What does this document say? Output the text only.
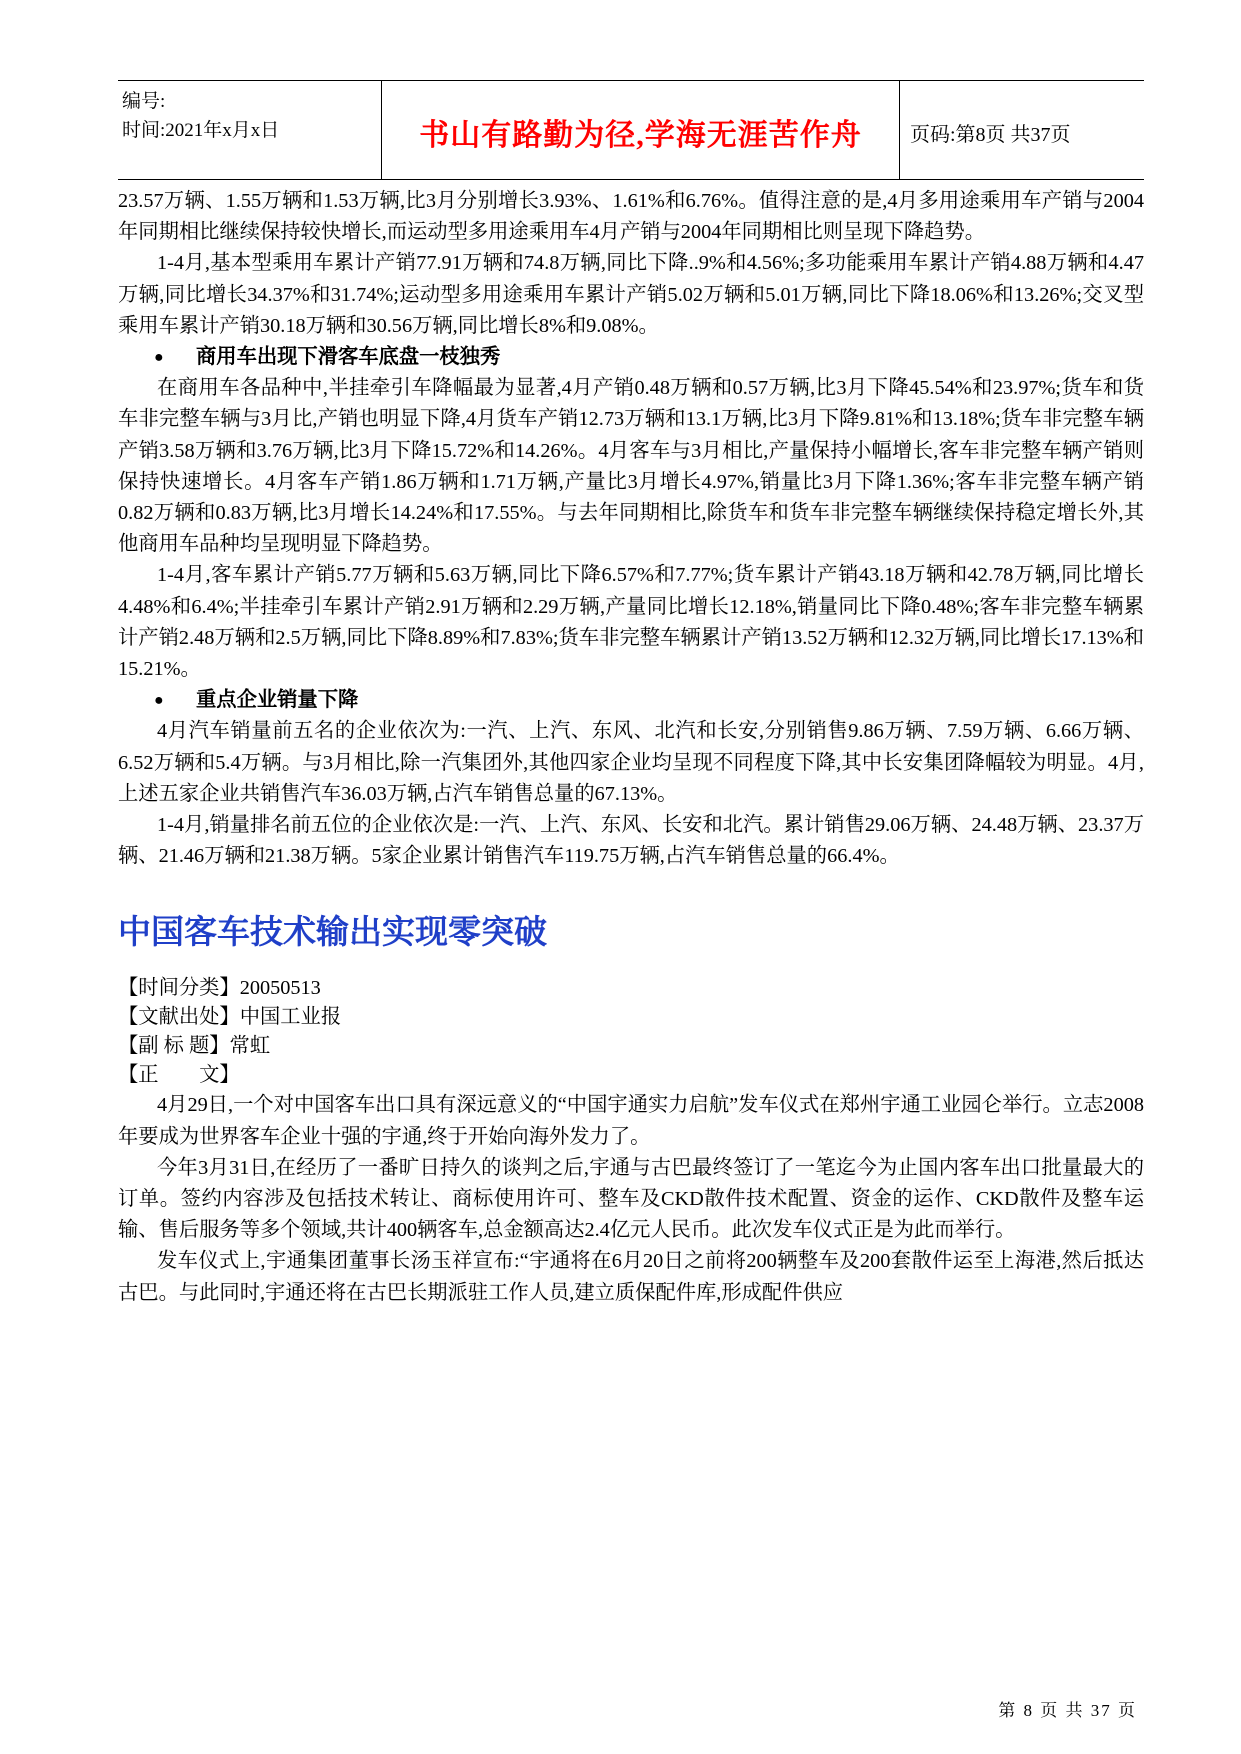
编号:
时间:2021年x月x日	书山有路勤为径,学海无涯苦作舟	页码:第8页 共37页

23.57万辆、1.55万辆和1.53万辆,比3月分别增长3.93%、1.61%和6.76%。值得注意的是,4月多用途乘用车产销与2004年同期相比继续保持较快增长,而运动型多用途乘用车4月产销与2004年同期相比则呈现下降趋势。

1-4月,基本型乘用车累计产销77.91万辆和74.8万辆,同比下降..9%和4.56%;多功能乘用车累计产销4.88万辆和4.47万辆,同比增长34.37%和31.74%;运动型多用途乘用车累计产销5.02万辆和5.01万辆,同比下降18.06%和13.26%;交叉型乘用车累计产销30.18万辆和30.56万辆,同比增长8%和9.08%。

●	商用车出现下滑客车底盘一枝独秀

在商用车各品种中,半挂牵引车降幅最为显著,4月产销0.48万辆和0.57万辆,比3月下降45.54%和23.97%;货车和货车非完整车辆与3月比,产销也明显下降,4月货车产销12.73万辆和13.1万辆,比3月下降9.81%和13.18%;货车非完整车辆产销3.58万辆和3.76万辆,比3月下降15.72%和14.26%。4月客车与3月相比,产量保持小幅增长,客车非完整车辆产销则保持快速增长。4月客车产销1.86万辆和1.71万辆,产量比3月增长4.97%,销量比3月下降1.36%;客车非完整车辆产销0.82万辆和0.83万辆,比3月增长14.24%和17.55%。与去年同期相比,除货车和货车非完整车辆继续保持稳定增长外,其他商用车品种均呈现明显下降趋势。

1-4月,客车累计产销5.77万辆和5.63万辆,同比下降6.57%和7.77%;货车累计产销43.18万辆和42.78万辆,同比增长4.48%和6.4%;半挂牵引车累计产销2.91万辆和2.29万辆,产量同比增长12.18%,销量同比下降0.48%;客车非完整车辆累计产销2.48万辆和2.5万辆,同比下降8.89%和7.83%;货车非完整车辆累计产销13.52万辆和12.32万辆,同比增长17.13%和15.21%。

●	重点企业销量下降

4月汽车销量前五名的企业依次为:一汽、上汽、东风、北汽和长安,分别销售9.86万辆、7.59万辆、6.66万辆、6.52万辆和5.4万辆。与3月相比,除一汽集团外,其他四家企业均呈现不同程度下降,其中长安集团降幅较为明显。4月,上述五家企业共销售汽车36.03万辆,占汽车销售总量的67.13%。

1-4月,销量排名前五位的企业依次是:一汽、上汽、东风、长安和北汽。累计销售29.06万辆、24.48万辆、23.37万辆、21.46万辆和21.38万辆。5家企业累计销售汽车119.75万辆,占汽车销售总量的66.4%。

中国客车技术输出实现零突破

【时间分类】20050513

【文献出处】中国工业报

【副 标 题】常虹

【正　　文】

4月29日,一个对中国客车出口具有深远意义的“中国宇通实力启航”发车仪式在郑州宇通工业园仑举行。立志2008年要成为世界客车企业十强的宇通,终于开始向海外发力了。

今年3月31日,在经历了一番旷日持久的谈判之后,宇通与古巴最终签订了一笔迄今为止国内客车出口批量最大的订单。签约内容涉及包括技术转让、商标使用许可、整车及CKD散件技术配置、资金的运作、CKD散件及整车运输、售后服务等多个领域,共计400辆客车,总金额高达2.4亿元人民币。此次发车仪式正是为此而举行。

发车仪式上,宇通集团董事长汤玉祥宣布:“宇通将在6月20日之前将200辆整车及200套散件运至上海港,然后抵达古巴。与此同时,宇通还将在古巴长期派驻工作人员,建立质保配件库,形成配件供应

第 8 页 共 37 页
